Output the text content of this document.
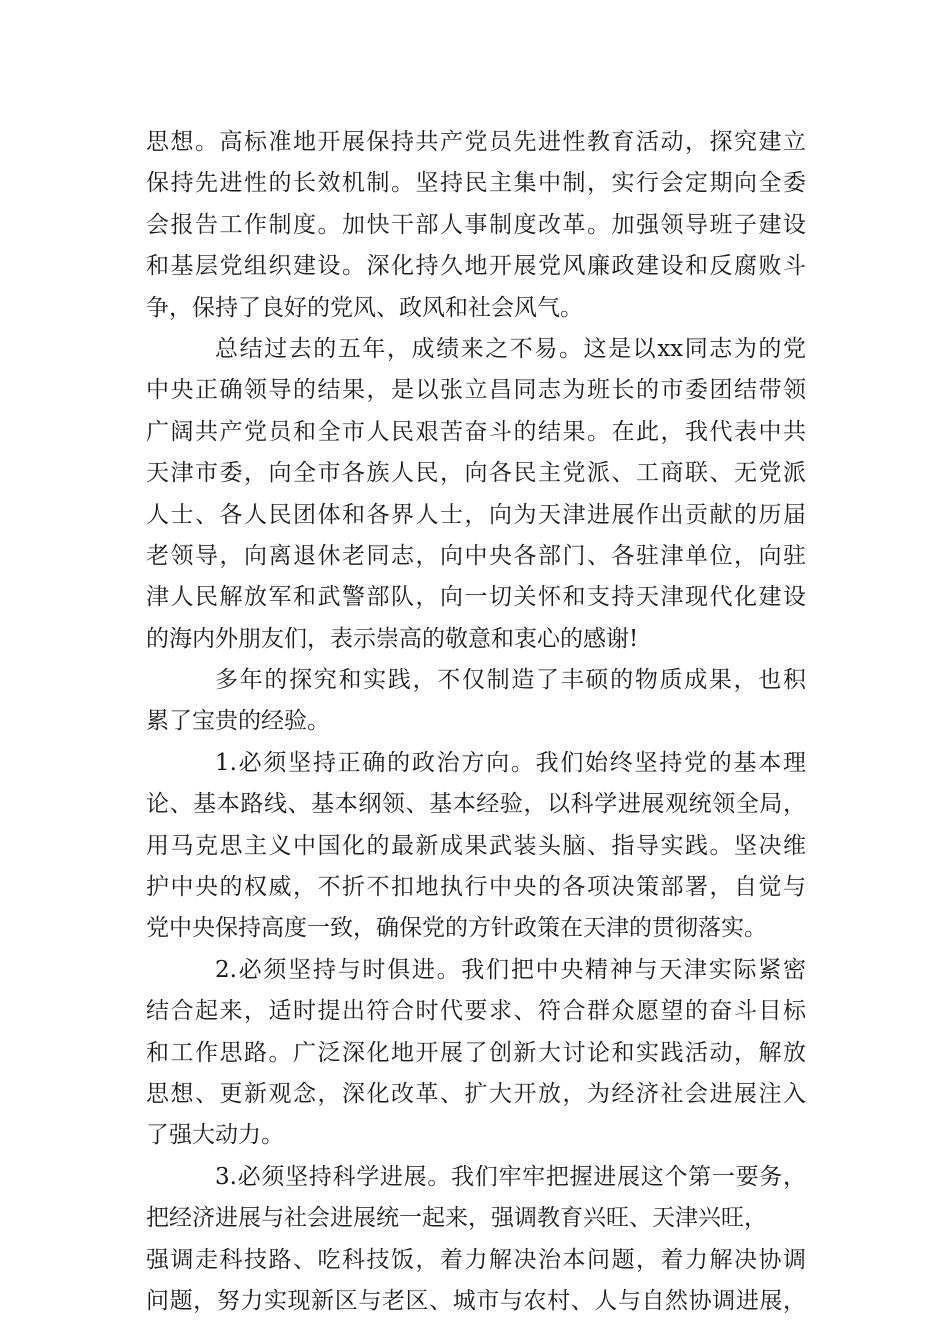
思想。高标准地开展保持共产党员先进性教育活动，探究建立
保持先进性的长效机制。坚持民主集中制，实行会定期向全委
会报告工作制度。加快干部人事制度改革。加强领导班子建设
和基层党组织建设。深化持久地开展党风廉政建设和反腐败斗
争，保持了良好的党风、政风和社会风气。
总结过去的五年，成绩来之不易。这是以xx同志为的党
中央正确领导的结果，是以张立昌同志为班长的市委团结带领
广阔共产党员和全市人民艰苦奋斗的结果。在此，我代表中共
天津市委，向全市各族人民，向各民主党派、工商联、无党派
人士、各人民团体和各界人士，向为天津进展作出贡献的历届
老领导，向离退休老同志，向中央各部门、各驻津单位，向驻
津人民解放军和武警部队，向一切关怀和支持天津现代化建设
的海内外朋友们，表示崇高的敬意和衷心的感谢!
多年的探究和实践，不仅制造了丰硕的物质成果，也积
累了宝贵的经验。
1.必须坚持正确的政治方向。我们始终坚持党的基本理
论、基本路线、基本纲领、基本经验，以科学进展观统领全局，
用马克思主义中国化的最新成果武装头脑、指导实践。坚决维
护中央的权威，不折不扣地执行中央的各项决策部署，自觉与
党中央保持高度一致，确保党的方针政策在天津的贯彻落实。
2.必须坚持与时俱进。我们把中央精神与天津实际紧密
结合起来，适时提出符合时代要求、符合群众愿望的奋斗目标
和工作思路。广泛深化地开展了创新大讨论和实践活动，解放
思想、更新观念，深化改革、扩大开放，为经济社会进展注入
了强大动力。
3.必须坚持科学进展。我们牢牢把握进展这个第一要务，
把经济进展与社会进展统一起来，强调教育兴旺、天津兴旺，
强调走科技路、吃科技饭，着力解决治本问题，着力解决协调
问题，努力实现新区与老区、城市与农村、人与自然协调进展，
